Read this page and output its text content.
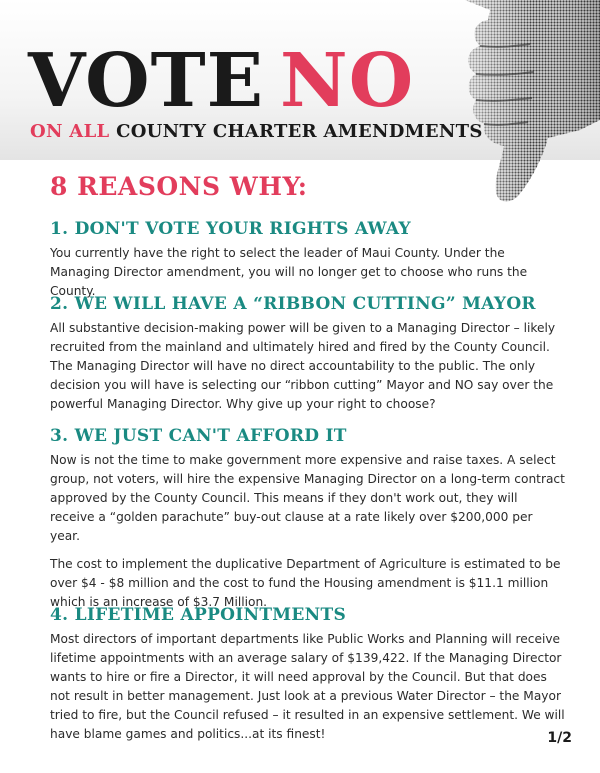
VOTE NO
ON ALL COUNTY CHARTER AMENDMENTS
8 REASONS WHY:
1. DON'T VOTE YOUR RIGHTS AWAY

You currently have the right to select the leader of Maui County. Under the Managing Director amendment, you will no longer get to choose who runs the County.

2. WE WILL HAVE A “RIBBON CUTTING” MAYOR

All substantive decision-making power will be given to a Managing Director – likely recruited from the mainland and ultimately hired and fired by the County Council. The Managing Director will have no direct accountability to the public. The only decision you will have is selecting our “ribbon cutting” Mayor and NO say over the powerful Managing Director. Why give up your right to choose?

3. WE JUST CAN'T AFFORD IT

Now is not the time to make government more expensive and raise taxes. A select group, not voters, will hire the expensive Managing Director on a long-term contract approved by the County Council. This means if they don't work out, they will receive a “golden parachute” buy-out clause at a rate likely over $200,000 per year.

The cost to implement the duplicative Department of Agriculture is estimated to be over $4 - $8 million and the cost to fund the Housing amendment is $11.1 million which is an increase of $3.7 Million.

4. LIFETIME APPOINTMENTS

Most directors of important departments like Public Works and Planning will receive lifetime appointments with an average salary of $139,422. If the Managing Director wants to hire or fire a Director, it will need approval by the Council. But that does not result in better management. Just look at a previous Water Director – the Mayor tried to fire, but the Council refused – it resulted in an expensive settlement. We will have blame games and politics...at its finest!	1/2
